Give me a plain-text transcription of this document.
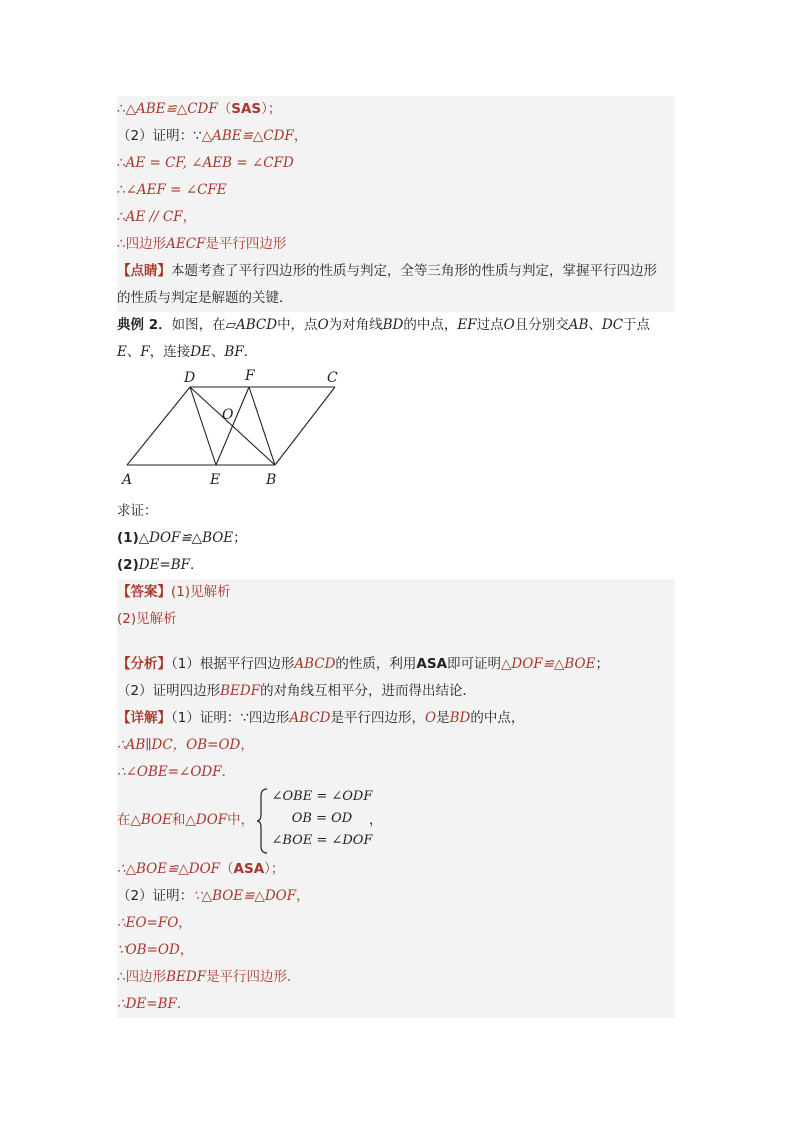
∴△ABE≌△CDF（SAS）；
（2）证明：∵△ABE≌△CDF，
∴AE = CF, ∠AEB = ∠CFD
∴∠AEF = ∠CFE
∴AE // CF，
∴四边形AECF是平行四边形
【点睛】本题考查了平行四边形的性质与判定，全等三角形的性质与判定，掌握平行四边形
的性质与判定是解题的关键．
典例 2．如图，在▱ABCD中，点O为对角线BD的中点，EF过点O且分别交AB、DC于点
E、F，连接DE、BF．
D	F	C
O
A	E	B
求证：
(1)△DOF≌△BOE；
(2)DE=BF．
【答案】(1)见解析
(2)见解析
【分析】（1）根据平行四边形ABCD的性质，利用ASA即可证明△DOF≌△BOE；
（2）证明四边形BEDF的对角线互相平分，进而得出结论．
【详解】（1）证明：∵四边形ABCD是平行四边形，O是BD的中点，
∴AB∥DC，OB=OD，
∴∠OBE=∠ODF．
在△BOE和△DOF中，
∠OBE = ∠ODF
OB = OD
∠BOE = ∠DOF
，
∴△BOE≌△DOF（ASA）；
（2）证明：∵△BOE≌△DOF，
∴EO=FO，
∵OB=OD，
∴四边形BEDF是平行四边形．
∴DE=BF．
